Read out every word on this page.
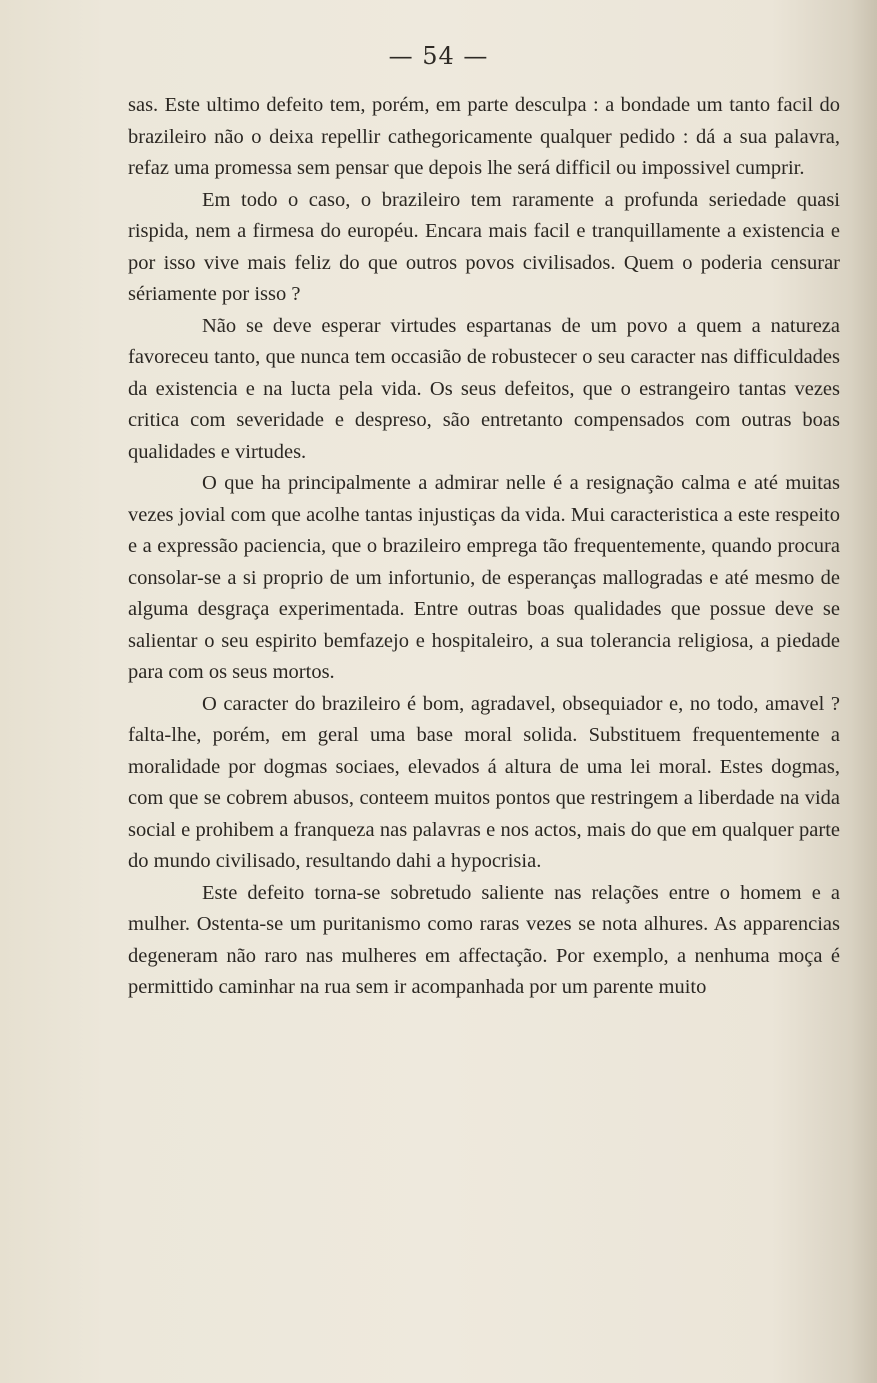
— 54 —

sas. Este ultimo defeito tem, porém, em parte desculpa : a bondade um tanto facil do brazileiro não o deixa repellir cathegoricamente qualquer pedido : dá a sua palavra, refaz uma promessa sem pensar que depois lhe será difficil ou impossivel cumprir.

Em todo o caso, o brazileiro tem raramente a profunda seriedade quasi rispida, nem a firmesa do européu. Encara mais facil e tranquillamente a existencia e por isso vive mais feliz do que outros povos civilisados. Quem o poderia censurar sériamente por isso ?

Não se deve esperar virtudes espartanas de um povo a quem a natureza favoreceu tanto, que nunca tem occasião de robustecer o seu caracter nas difficuldades da existencia e na lucta pela vida. Os seus defeitos, que o estrangeiro tantas vezes critica com severidade e despreso, são entretanto compensados com outras boas qualidades e virtudes.

O que ha principalmente a admirar nelle é a resignação calma e até muitas vezes jovial com que acolhe tantas injustiças da vida. Mui caracteristica a este respeito e a expressão paciencia, que o brazileiro emprega tão frequentemente, quando procura consolar-se a si proprio de um infortunio, de esperanças mallogradas e até mesmo de alguma desgraça experimentada. Entre outras boas qualidades que possue deve se salientar o seu espirito bemfazejo e hospitaleiro, a sua tolerancia religiosa, a piedade para com os seus mortos.

O caracter do brazileiro é bom, agradavel, obsequiador e, no todo, amavel ? falta-lhe, porém, em geral uma base moral solida. Substituem frequentemente a moralidade por dogmas sociaes, elevados á altura de uma lei moral. Estes dogmas, com que se cobrem abusos, conteem muitos pontos que restringem a liberdade na vida social e prohibem a franqueza nas palavras e nos actos, mais do que em qualquer parte do mundo civilisado, resultando dahi a hypocrisia.

Este defeito torna-se sobretudo saliente nas relações entre o homem e a mulher. Ostenta-se um puritanismo como raras vezes se nota alhures. As apparencias degeneram não raro nas mulheres em affectação. Por exemplo, a nenhuma moça é permittido caminhar na rua sem ir acompanhada por um parente muito
